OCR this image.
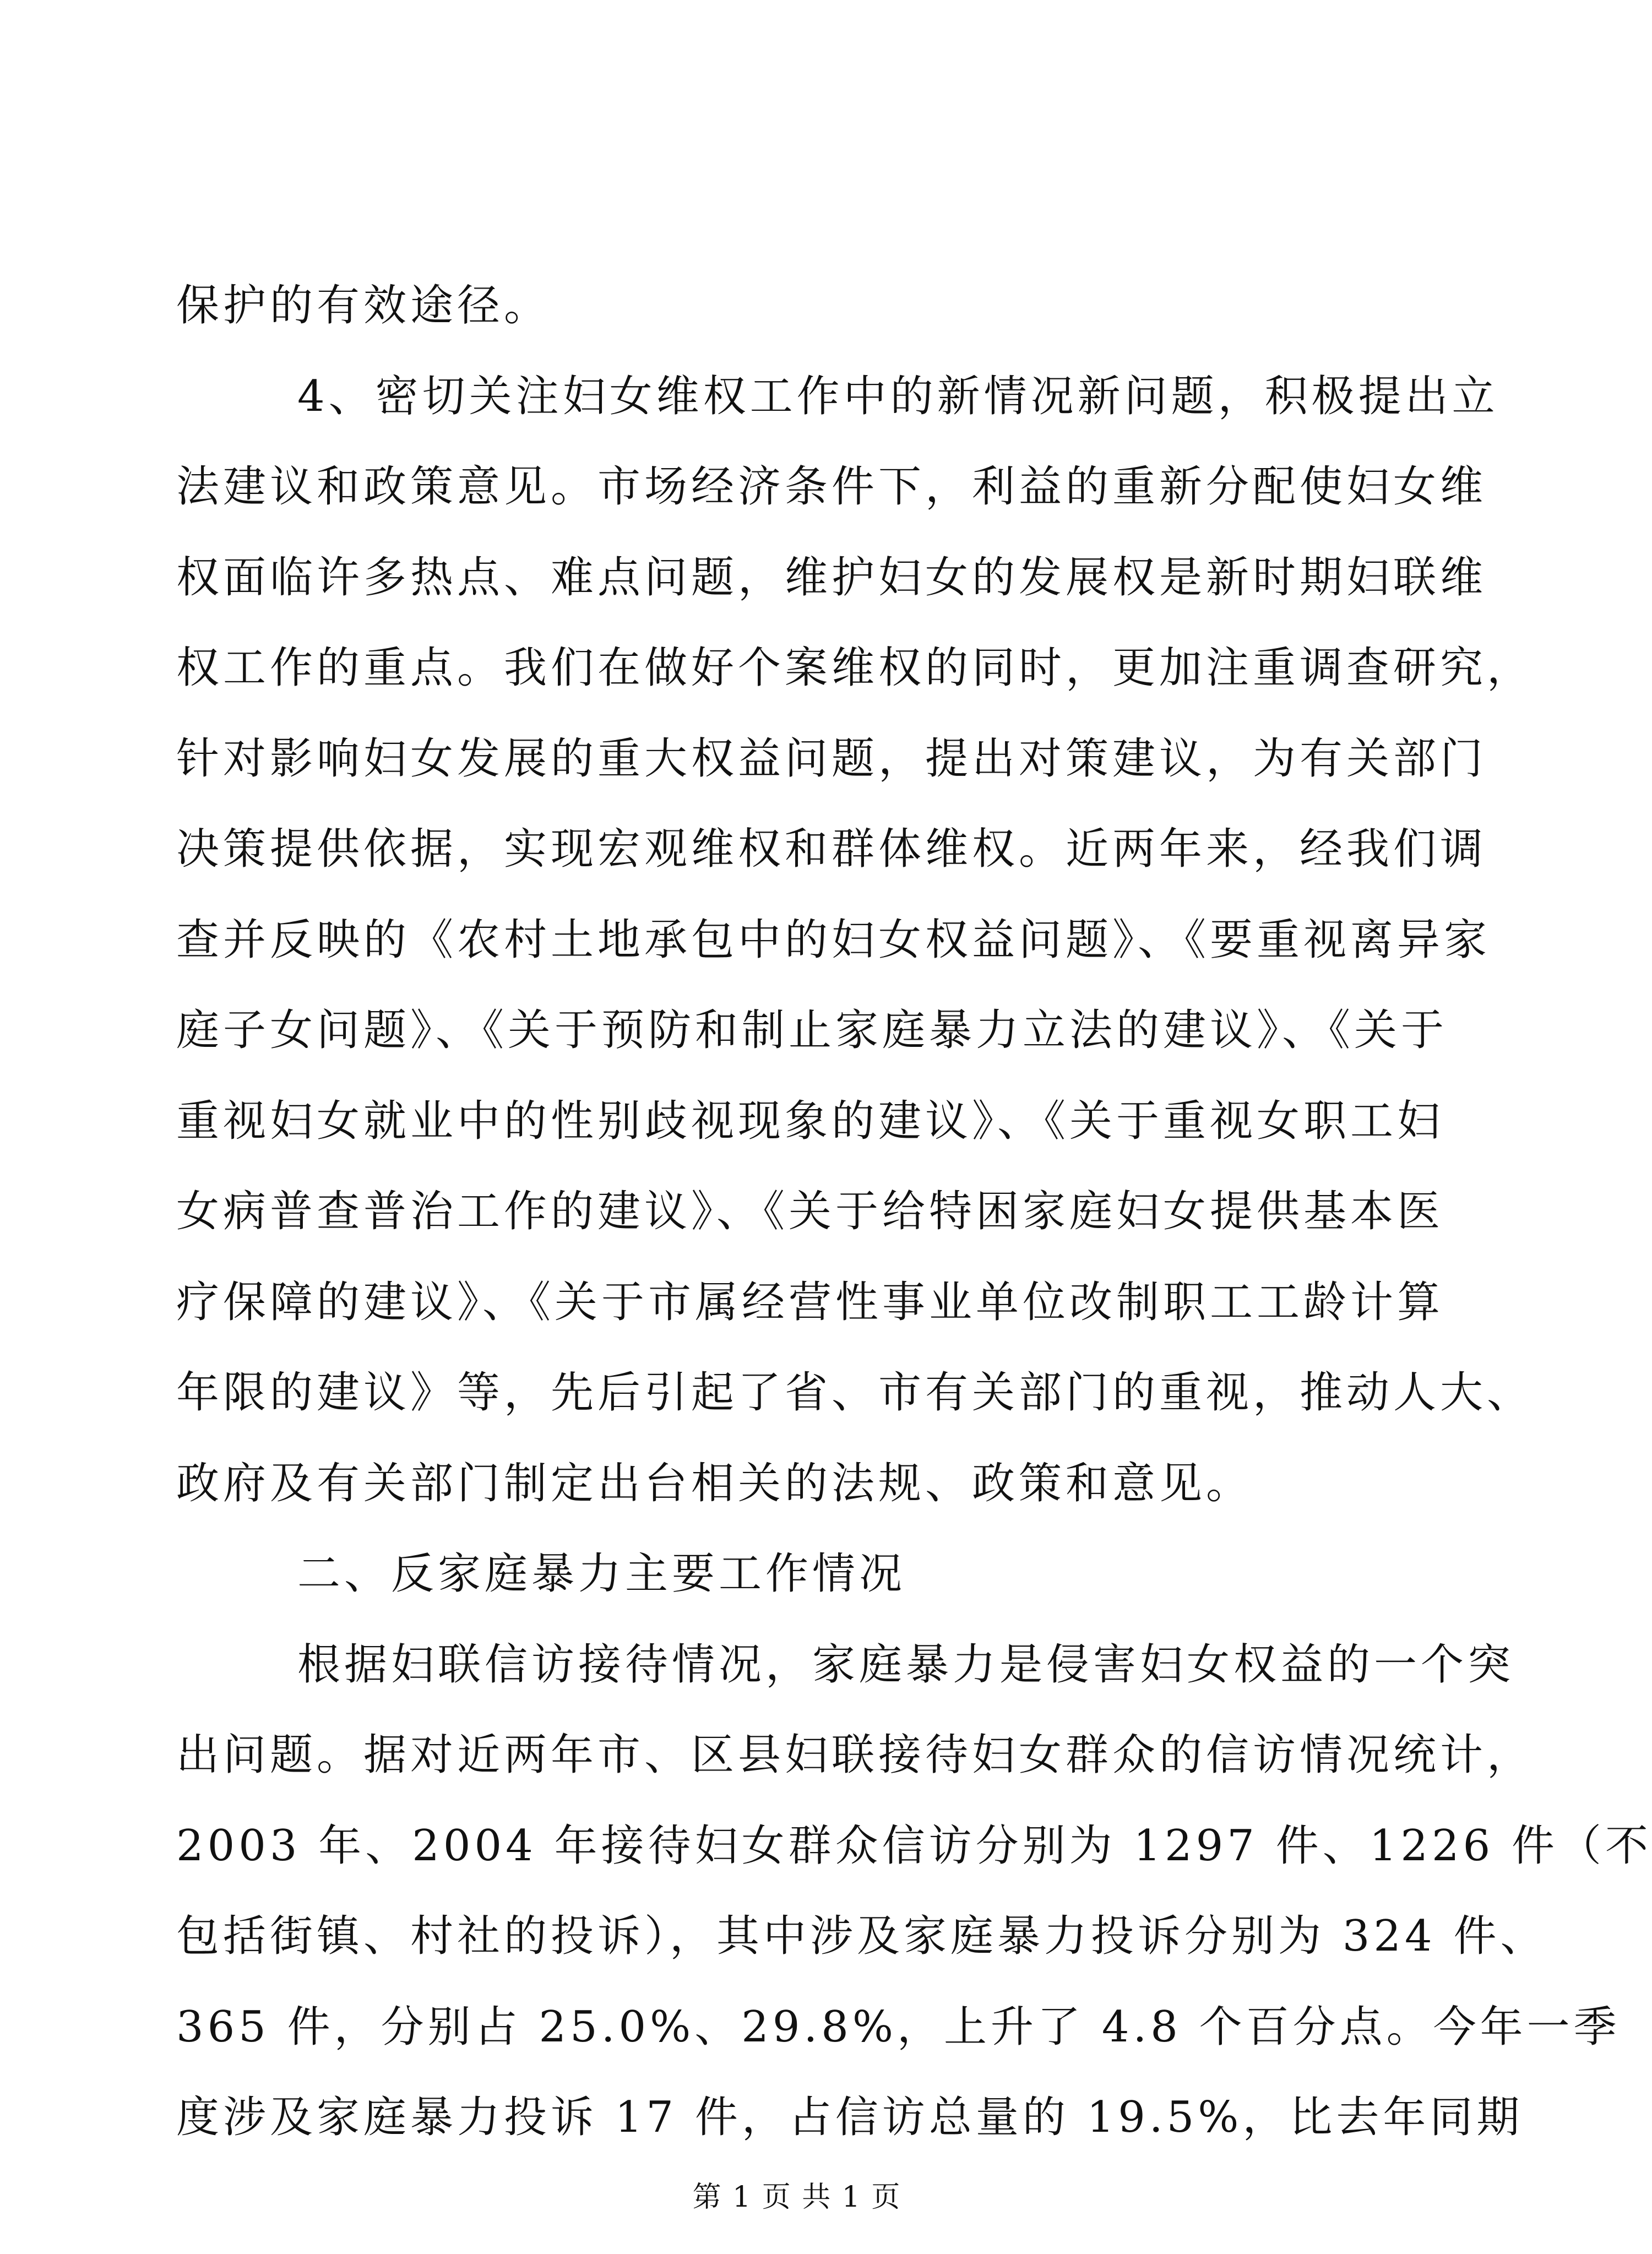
保护的有效途径。
4、密切关注妇女维权工作中的新情况新问题，积极提出立
法建议和政策意见。市场经济条件下，利益的重新分配使妇女维
权面临许多热点、难点问题，维护妇女的发展权是新时期妇联维
权工作的重点。我们在做好个案维权的同时，更加注重调查研究，
针对影响妇女发展的重大权益问题，提出对策建议，为有关部门
决策提供依据，实现宏观维权和群体维权。近两年来，经我们调
查并反映的《农村土地承包中的妇女权益问题》、《要重视离异家
庭子女问题》、《关于预防和制止家庭暴力立法的建议》、《关于
重视妇女就业中的性别歧视现象的建议》、《关于重视女职工妇
女病普查普治工作的建议》、《关于给特困家庭妇女提供基本医
疗保障的建议》、《关于市属经营性事业单位改制职工工龄计算
年限的建议》等，先后引起了省、市有关部门的重视，推动人大、
政府及有关部门制定出台相关的法规、政策和意见。
二、反家庭暴力主要工作情况
根据妇联信访接待情况，家庭暴力是侵害妇女权益的一个突
出问题。据对近两年市、区县妇联接待妇女群众的信访情况统计，
2003 年、2004 年接待妇女群众信访分别为 1297 件、1226 件（不
包括街镇、村社的投诉），其中涉及家庭暴力投诉分别为 324 件、
365 件，分别占 25.0%、29.8%，上升了 4.8 个百分点。今年一季
度涉及家庭暴力投诉 17 件，占信访总量的 19.5%，比去年同期
第 1 页 共 1 页
